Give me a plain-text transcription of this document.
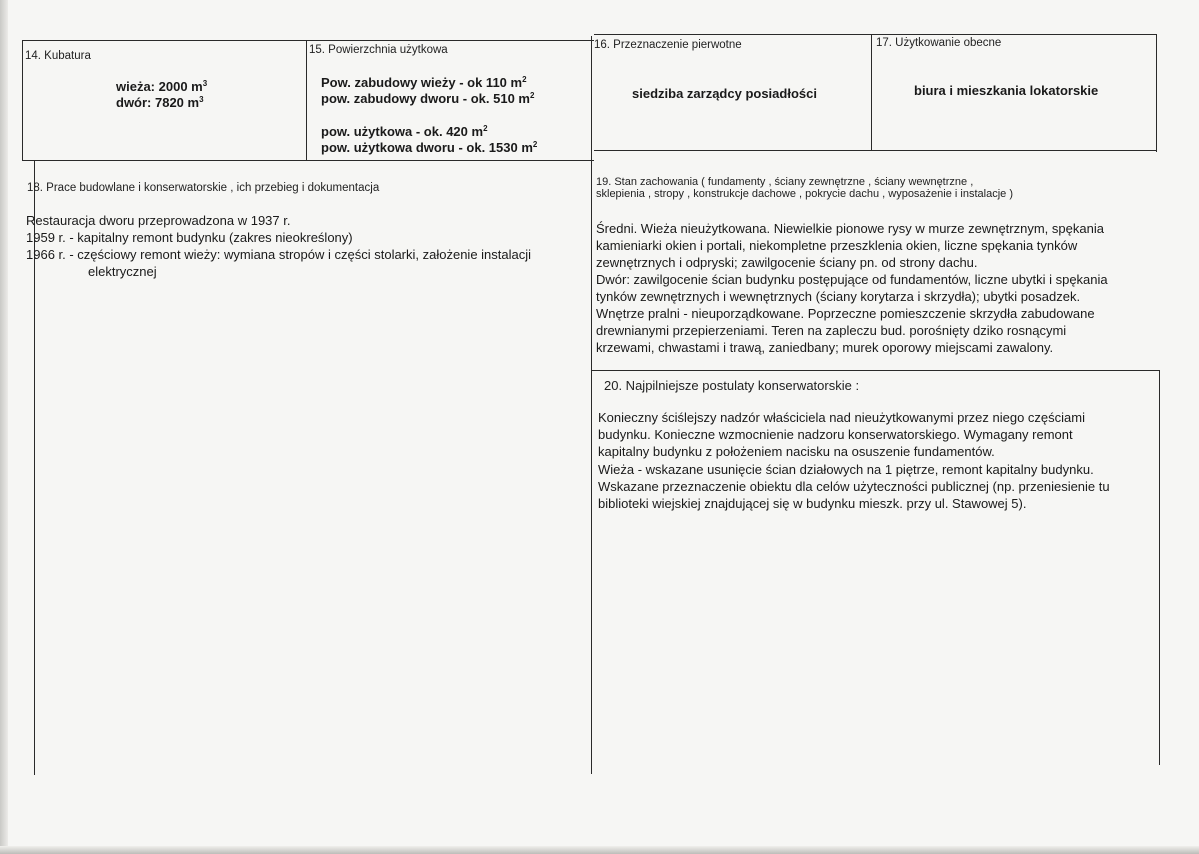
14. Kubatura
wieża: 2000 $m^3$
dwór: 7820 $m^3$
15. Powierzchnia użytkowa
Pow. zabudowy wieży - ok 110 $m^2$
pow. zabudowy dworu - ok. 510 $m^2$
pow. użytkowa - ok. 420 $m^2$
pow. użytkowa dworu - ok. 1530 $m^2$
16. Przeznaczenie pierwotne
siedziba zarządcy posiadłości
17. Użytkowanie obecne
biura i mieszkania lokatorskie
18. Prace budowlane i konserwatorskie , ich przebieg i dokumentacja
Restauracja dworu przeprowadzona w 1937 r.
1959 r. - kapitalny remont budynku (zakres nieokreślony)
1966 r. - częściowy remont wieży: wymiana stropów i części stolarki, założenie instalacji
elektrycznej
19. Stan zachowania ( fundamenty , ściany zewnętrzne , ściany wewnętrzne ,
sklepienia , stropy , konstrukcje dachowe , pokrycie dachu , wyposażenie i instalacje )
Średni. Wieża nieużytkowana. Niewielkie pionowe rysy w murze zewnętrznym, spękania
kamieniarki okien i portali, niekompletne przeszklenia okien, liczne spękania tynków
zewnętrznych i odpryski; zawilgocenie ściany pn. od strony dachu.
Dwór: zawilgocenie ścian budynku postępujące od fundamentów, liczne ubytki i spękania
tynków zewnętrznych i wewnętrznych (ściany korytarza i skrzydła); ubytki posadzek.
Wnętrze pralni - nieuporządkowane. Poprzeczne pomieszczenie skrzydła zabudowane
drewnianymi przepierzeniami. Teren na zapleczu bud. porośnięty dziko rosnącymi
krzewami, chwastami i trawą, zaniedbany; murek oporowy miejscami zawalony.
20. Najpilniejsze postulaty konserwatorskie :
Konieczny ściślejszy nadzór właściciela nad nieużytkowanymi przez niego częściami
budynku. Konieczne wzmocnienie nadzoru konserwatorskiego. Wymagany remont
kapitalny budynku z położeniem nacisku na osuszenie fundamentów.
Wieża - wskazane usunięcie ścian działowych na 1 piętrze, remont kapitalny budynku.
Wskazane przeznaczenie obiektu dla celów użyteczności publicznej (np. przeniesienie tu
biblioteki wiejskiej znajdującej się w budynku mieszk. przy ul. Stawowej 5).
